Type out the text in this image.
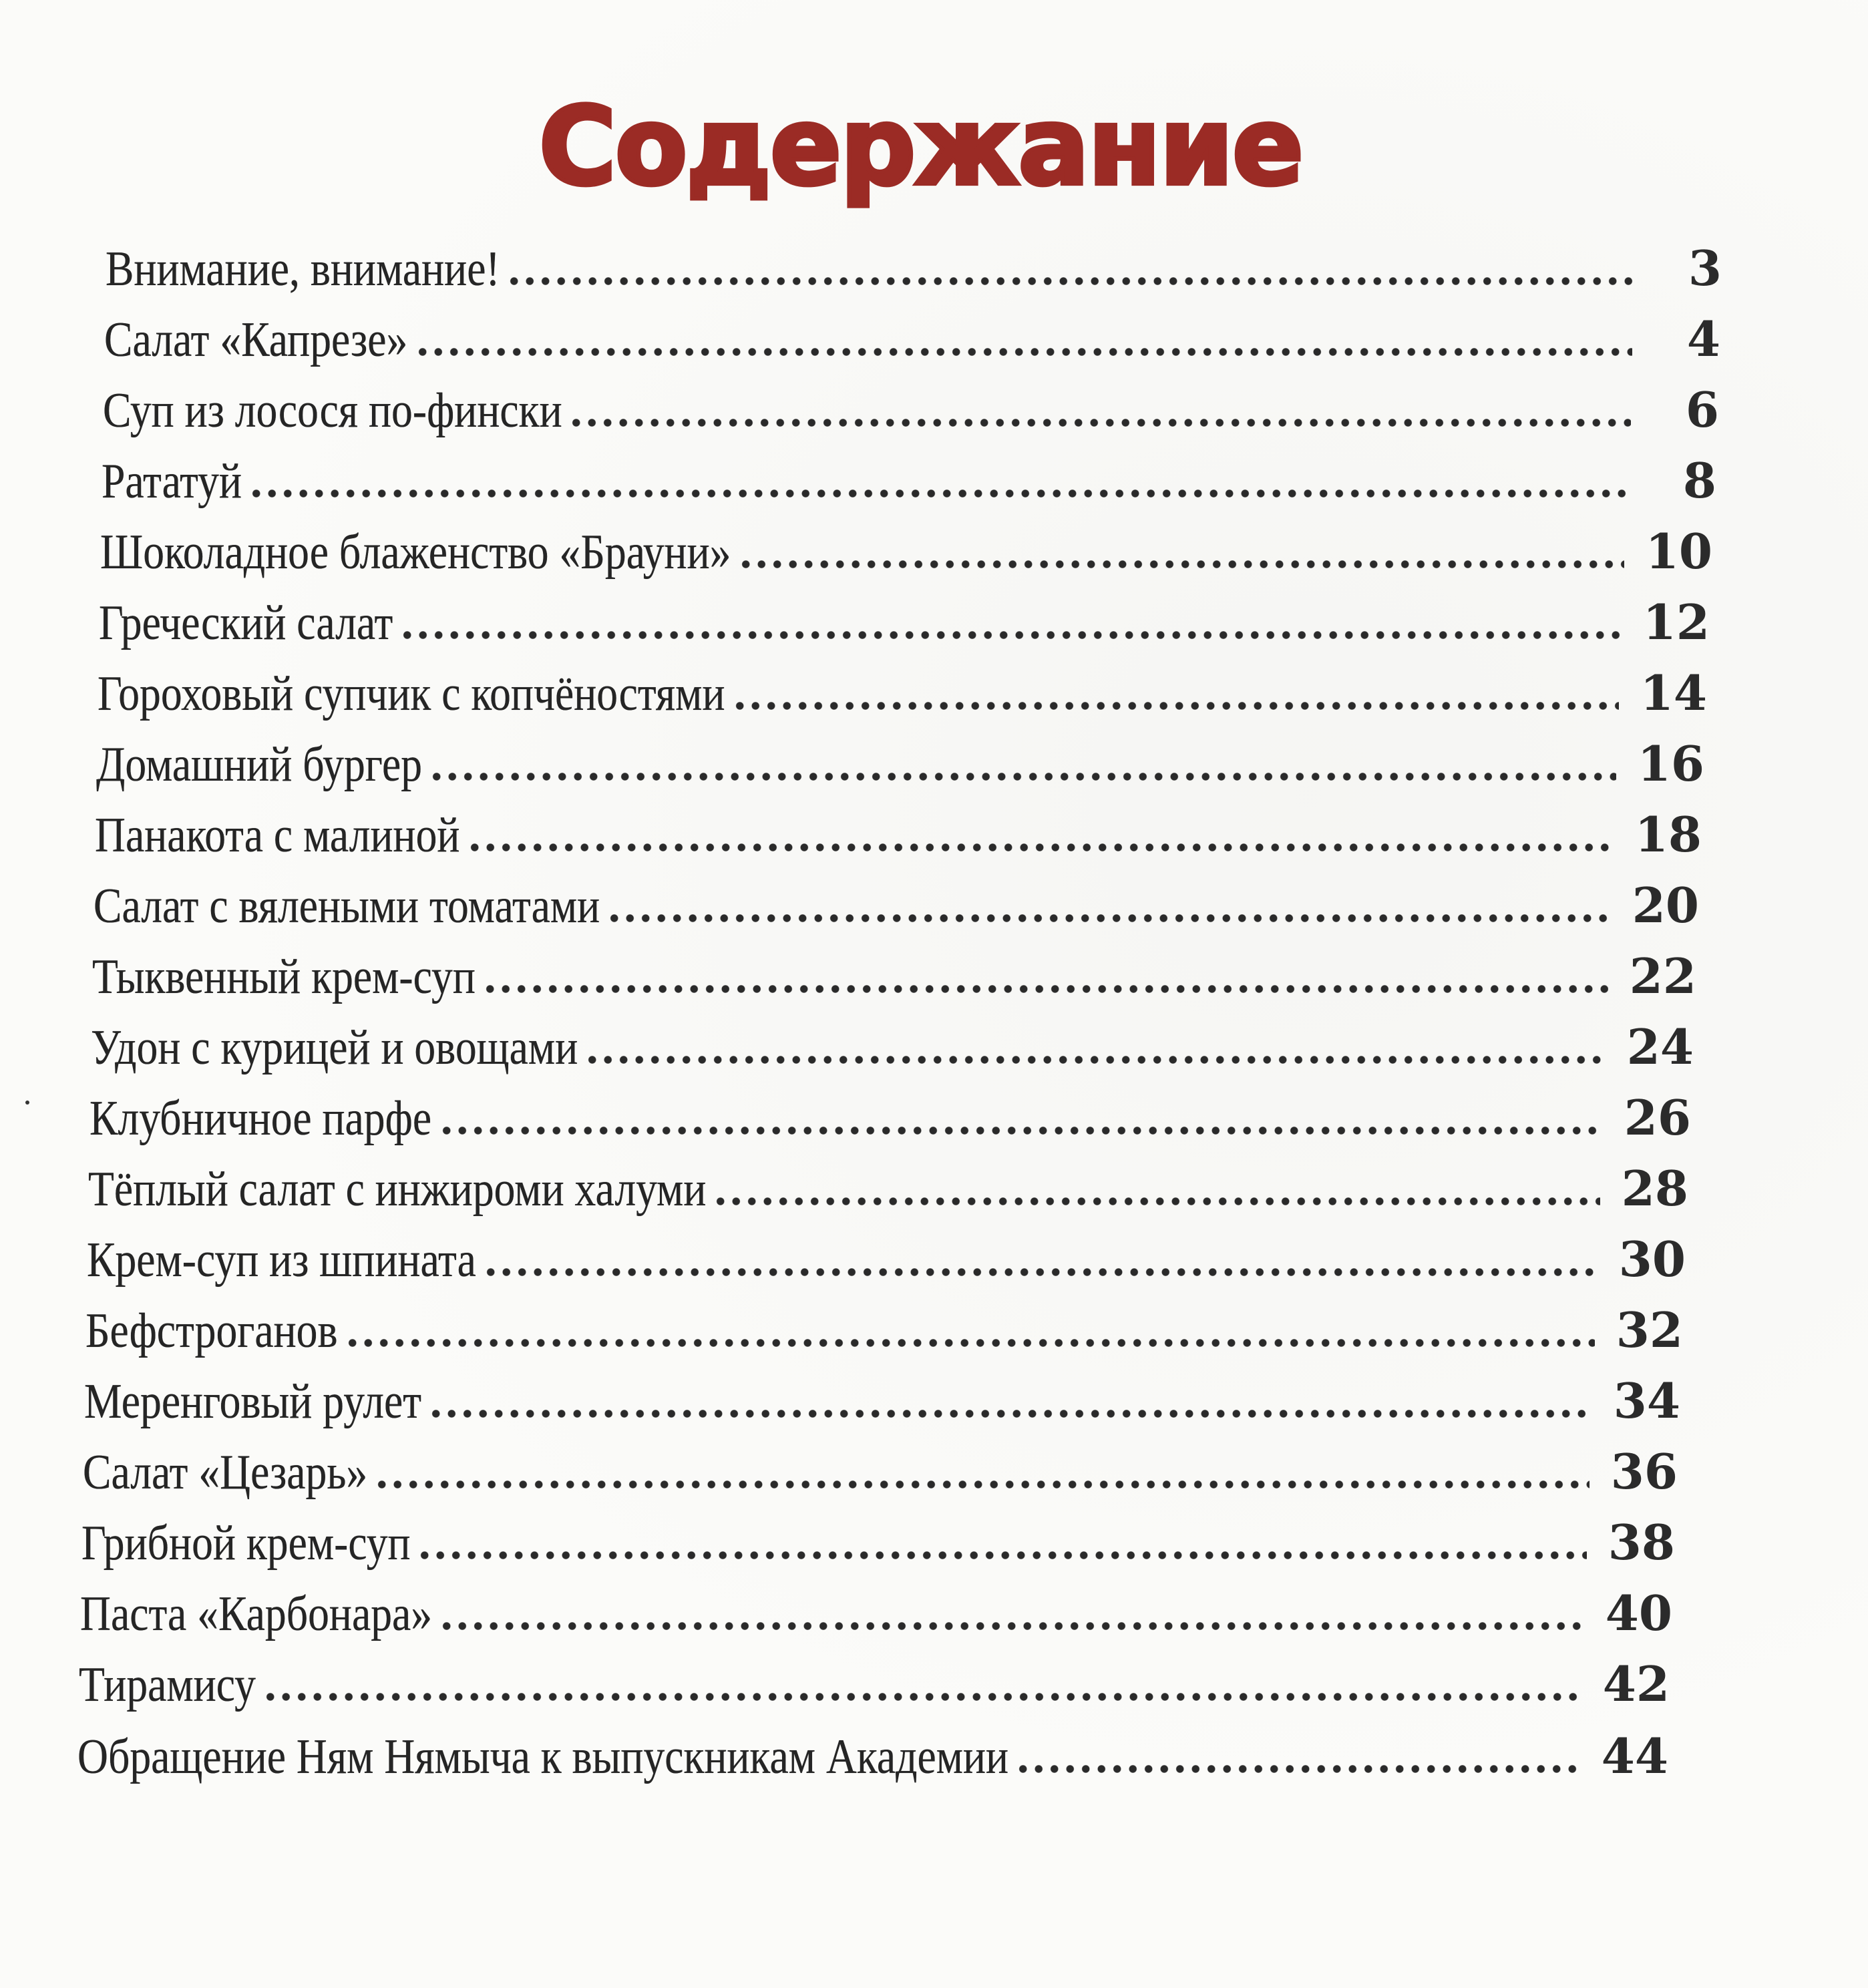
Содержание
Внимание, внимание!	3
Салат «Капрезе»	4
Суп из лосося по-фински	6
Рататуй	8
Шоколадное блаженство «Брауни»	10
Греческий салат	12
Гороховый супчик с копчёностями	14
Домашний бургер	16
Панакота с малиной	18
Салат с вялеными томатами	20
Тыквенный крем-суп	22
Удон с курицей и овощами	24
Клубничное парфе	26
Тёплый салат с инжироми халуми	28
Крем-суп из шпината	30
Бефстроганов	32
Меренговый рулет	34
Салат «Цезарь»	36
Грибной крем-суп	38
Паста «Карбонара»	40
Тирамису	42
Обращение Ням Нямыча к выпускникам Академии	44
